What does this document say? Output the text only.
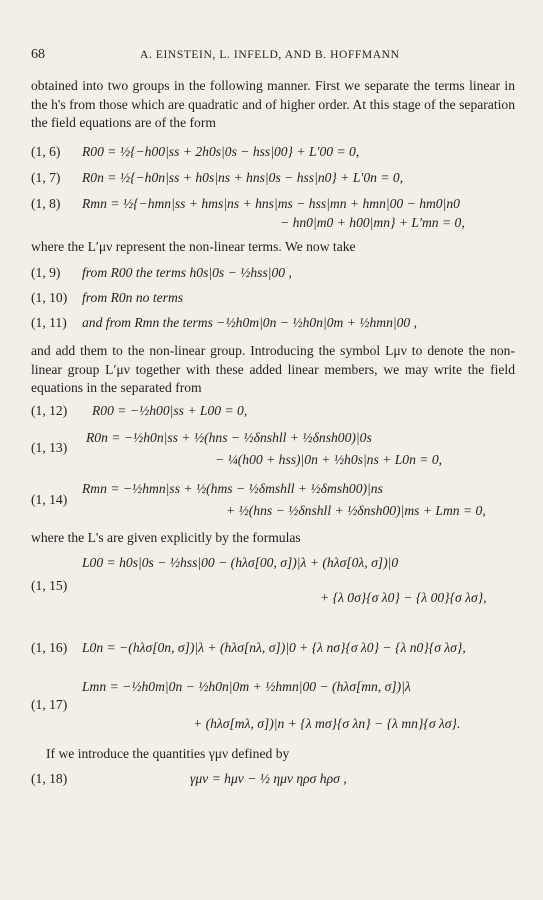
68	A. EINSTEIN, L. INFELD, AND B. HOFFMANN

obtained into two groups in the following manner. First we separate the terms linear in the h's from those which are quadratic and of higher order. At this stage of the separation the field equations are of the form

(1, 6) R00 = ½{−h00|ss + 2h0s|0s − hss|00} + L′00 = 0,
(1, 7) R0n = ½{−h0n|ss + h0s|ns + hns|0s − hss|n0} + L′0n = 0,
(1, 8) Rmn = ½{−hmn|ss + hms|ns + hns|ms − hss|mn + hmn|00 − hm0|n0
− hn0|m0 + h00|mn} + L′mn = 0,

where the L′μν represent the non-linear terms. We now take

(1, 9) from R00 the terms h0s|0s − ½hss|00 ,
(1, 10) from R0n no terms
(1, 11) and from Rmn the terms −½h0m|0n − ½h0n|0m + ½hmn|00 ,

and add them to the non-linear group. Introducing the symbol Lμν to denote the non-linear group L′μν together with these added linear members, we may write the field equations in the separated from

(1, 12) R00 = −½h00|ss + L00 = 0,
(1, 13)
R0n = −½h0n|ss + ½(hns − ½δnshll + ½δnsh00)|0s
− ¼(h00 + hss)|0n + ½h0s|ns + L0n = 0,
(1, 14)
Rmn = −½hmn|ss + ½(hms − ½δmshll + ½δmsh00)|ns
+ ½(hns − ½δnshll + ½δnsh00)|ms + Lmn = 0,

where the L's are given explicitly by the formulas

(1, 15)
L00 = h0s|0s − ½hss|00 − (hλσ[00, σ])|λ + (hλσ[0λ, σ])|0
+ {λ 0σ}{σ λ0} − {λ 00}{σ λσ},
(1, 16) L0n = −(hλσ[0n, σ])|λ + (hλσ[nλ, σ])|0 + {λ nσ}{σ λ0} − {λ n0}{σ λσ},
(1, 17)
Lmn = −½h0m|0n − ½h0n|0m + ½hmn|00 − (hλσ[mn, σ])|λ
+ (hλσ[mλ, σ])|n + {λ mσ}{σ λn} − {λ mn}{σ λσ}.

If we introduce the quantities γμν defined by

(1, 18)	γμν = hμν − ½ ημν ηρσ hρσ ,
